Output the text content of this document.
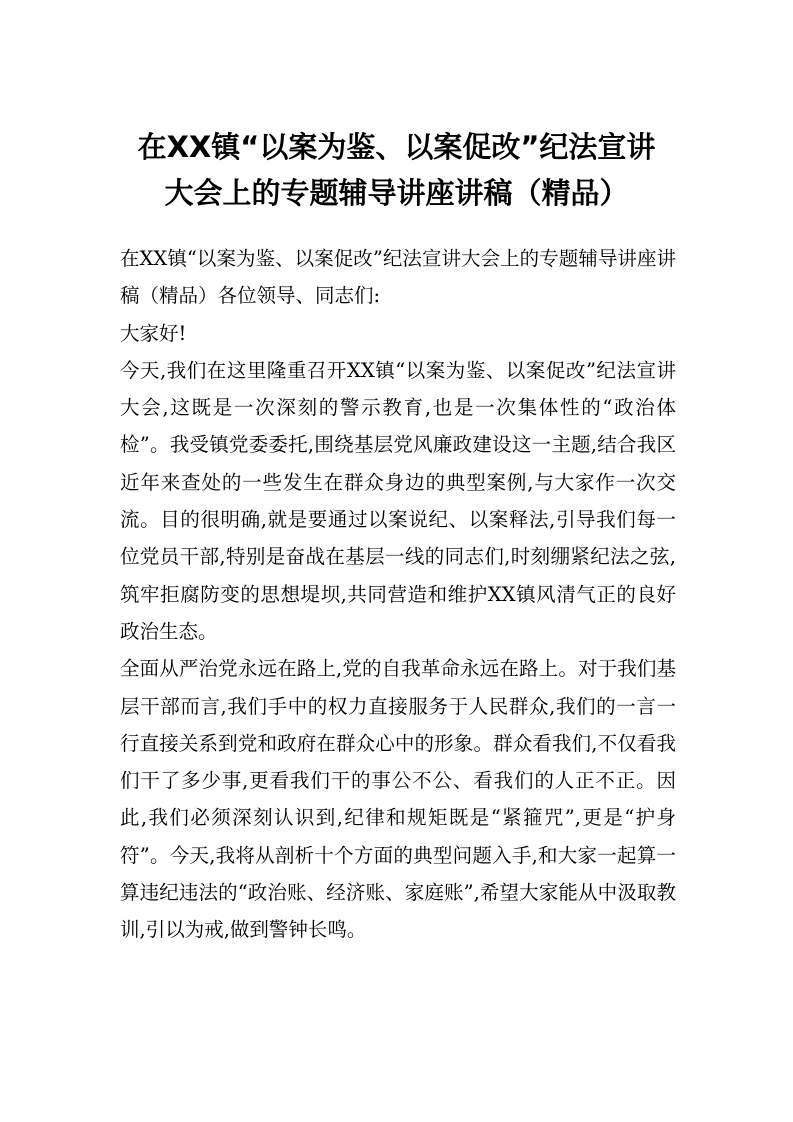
在XX镇“以案为鉴、以案促改”纪法宣讲
大会上的专题辅导讲座讲稿（精品）

在XX镇“以案为鉴、以案促改”纪法宣讲大会上的专题辅导讲座讲稿（精品）各位领导、同志们:

大家好!

今天,我们在这里隆重召开XX镇“以案为鉴、以案促改”纪法宣讲大会,这既是一次深刻的警示教育,也是一次集体性的“政治体检”。我受镇党委委托,围绕基层党风廉政建设这一主题,结合我区近年来查处的一些发生在群众身边的典型案例,与大家作一次交流。目的很明确,就是要通过以案说纪、以案释法,引导我们每一位党员干部,特别是奋战在基层一线的同志们,时刻绷紧纪法之弦,筑牢拒腐防变的思想堤坝,共同营造和维护XX镇风清气正的良好政治生态。

全面从严治党永远在路上,党的自我革命永远在路上。对于我们基层干部而言,我们手中的权力直接服务于人民群众,我们的一言一行直接关系到党和政府在群众心中的形象。群众看我们,不仅看我们干了多少事,更看我们干的事公不公、看我们的人正不正。因此,我们必须深刻认识到,纪律和规矩既是“紧箍咒”,更是“护身符”。今天,我将从剖析十个方面的典型问题入手,和大家一起算一算违纪违法的“政治账、经济账、家庭账”,希望大家能从中汲取教训,引以为戒,做到警钟长鸣。
